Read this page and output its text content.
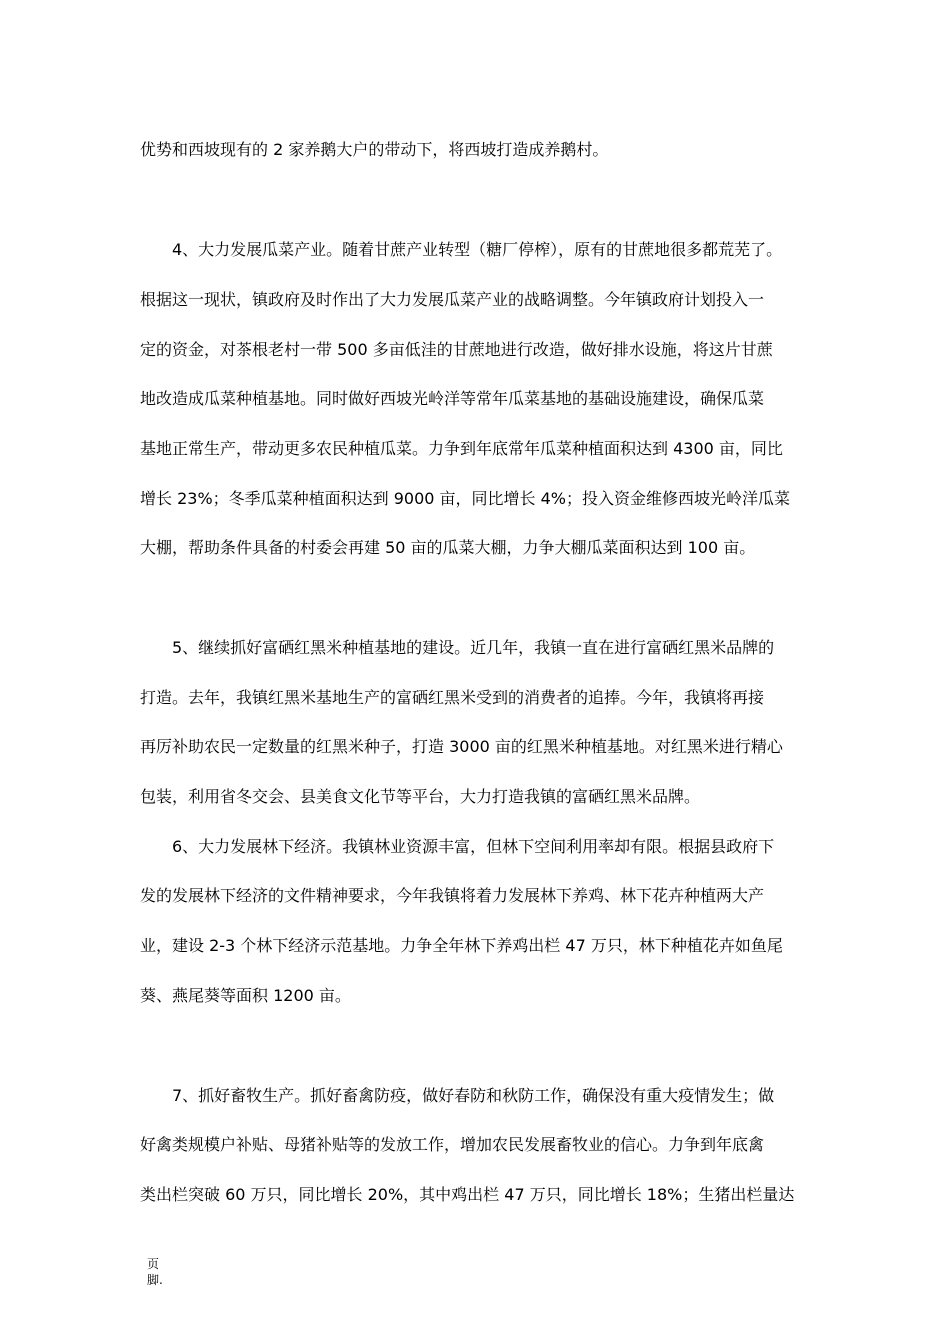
优势和西坡现有的 2 家养鹅大户的带动下，将西坡打造成养鹅村。
4、大力发展瓜菜产业。随着甘蔗产业转型（糖厂停榨），原有的甘蔗地很多都荒芜了。
根据这一现状，镇政府及时作出了大力发展瓜菜产业的战略调整。今年镇政府计划投入一
定的资金，对茶根老村一带 500 多亩低洼的甘蔗地进行改造，做好排水设施，将这片甘蔗
地改造成瓜菜种植基地。同时做好西坡光岭洋等常年瓜菜基地的基础设施建设，确保瓜菜
基地正常生产，带动更多农民种植瓜菜。力争到年底常年瓜菜种植面积达到 4300 亩，同比
增长 23%；冬季瓜菜种植面积达到 9000 亩，同比增长 4%；投入资金维修西坡光岭洋瓜菜
大棚，帮助条件具备的村委会再建 50 亩的瓜菜大棚，力争大棚瓜菜面积达到 100 亩。
5、继续抓好富硒红黑米种植基地的建设。近几年，我镇一直在进行富硒红黑米品牌的
打造。去年，我镇红黑米基地生产的富硒红黑米受到的消费者的追捧。今年，我镇将再接
再厉补助农民一定数量的红黑米种子，打造 3000 亩的红黑米种植基地。对红黑米进行精心
包装，利用省冬交会、县美食文化节等平台，大力打造我镇的富硒红黑米品牌。
6、大力发展林下经济。我镇林业资源丰富，但林下空间利用率却有限。根据县政府下
发的发展林下经济的文件精神要求，今年我镇将着力发展林下养鸡、林下花卉种植两大产
业，建设 2-3 个林下经济示范基地。力争全年林下养鸡出栏 47 万只，林下种植花卉如鱼尾
葵、燕尾葵等面积 1200 亩。
7、抓好畜牧生产。抓好畜禽防疫，做好春防和秋防工作，确保没有重大疫情发生；做
好禽类规模户补贴、母猪补贴等的发放工作，增加农民发展畜牧业的信心。力争到年底禽
类出栏突破 60 万只，同比增长 20%，其中鸡出栏 47 万只，同比增长 18%；生猪出栏量达
页
脚.
